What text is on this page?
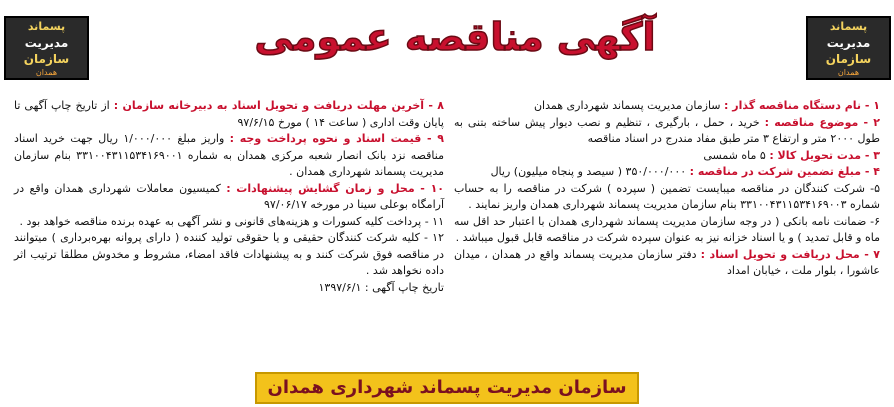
آگهی مناقصه عمومی
پسماند
مدیریت
سازمان
همدان
پسماند
مدیریت
سازمان
همدان

۱ - نام دستگاه مناقصه گذار : سازمان مدیریت پسماند شهرداری همدان

۲ - موضوع مناقصه : خرید ، حمل ، بارگیری ، تنظیم و نصب دیوار پیش ساخته بتنی به طول ۲۰۰۰ متر و ارتفاع ۳ متر طبق مفاد مندرج در اسناد مناقصه

۳ - مدت تحویل کالا : ۵ ماه شمسی

۴ - مبلغ تضمین شرکت در مناقصه : ۳۵۰/۰۰۰/۰۰۰ ( سیصد و پنجاه میلیون) ریال

۵- شرکت کنندگان در مناقصه میبایست تضمین ( سپرده ) شرکت در مناقصه را به حساب شماره ۳۳۱۰۰۴۳۱۱۵۳۴۱۶۹۰۰۳ بنام سازمان مدیریت پسماند شهرداری همدان واریز نمایند .

۶- ضمانت نامه بانکی ( در وجه سازمان مدیریت پسماند شهرداری همدان با اعتبار حد اقل سه ماه و قابل تمدید ) و یا اسناد خزانه نیز به عنوان سپرده شرکت در مناقصه قابل قبول میباشد .

۷ - محل دریافت و تحویل اسناد : دفتر سازمان مدیریت پسماند واقع در همدان ، میدان عاشورا ، بلوار ملت ، خیابان امداد

۸ - آخرین مهلت دریافت و تحویل اسناد به دبیرخانه سازمان : از تاریخ چاپ آگهی تا پایان وقت اداری ( ساعت ۱۴ ) مورخ ۹۷/۶/۱۵

۹ - قیمت اسناد و نحوه پرداخت وجه : واریز مبلغ ۱/۰۰۰/۰۰۰ ریال جهت خرید اسناد مناقصه نزد بانک انصار شعبه مرکزی همدان به شماره ۳۳۱۰۰۴۳۱۱۵۳۴۱۶۹۰۰۱ بنام سازمان مدیریت پسماند شهرداری همدان .

۱۰ - محل و زمان گشایش پیشنهادات : کمیسیون معاملات شهرداری همدان واقع در آرامگاه بوعلی سینا در مورخه ۹۷/۰۶/۱۷

۱۱ - پرداخت کلیه کسورات و هزینه‌های قانونی و نشر آگهی به عهده برنده مناقصه خواهد بود .

۱۲ - کلیه شرکت کنندگان حقیقی و یا حقوقی تولید کننده ( دارای پروانه بهره‌برداری ) میتوانند در مناقصه فوق شرکت کنند و به پیشنهادات فاقد امضاء، مشروط و مخدوش مطلقا ترتیب اثر داده نخواهد شد .

تاریخ چاپ آگهی : ۱۳۹۷/۶/۱

سازمان مدیریت پسماند شهرداری همدان
